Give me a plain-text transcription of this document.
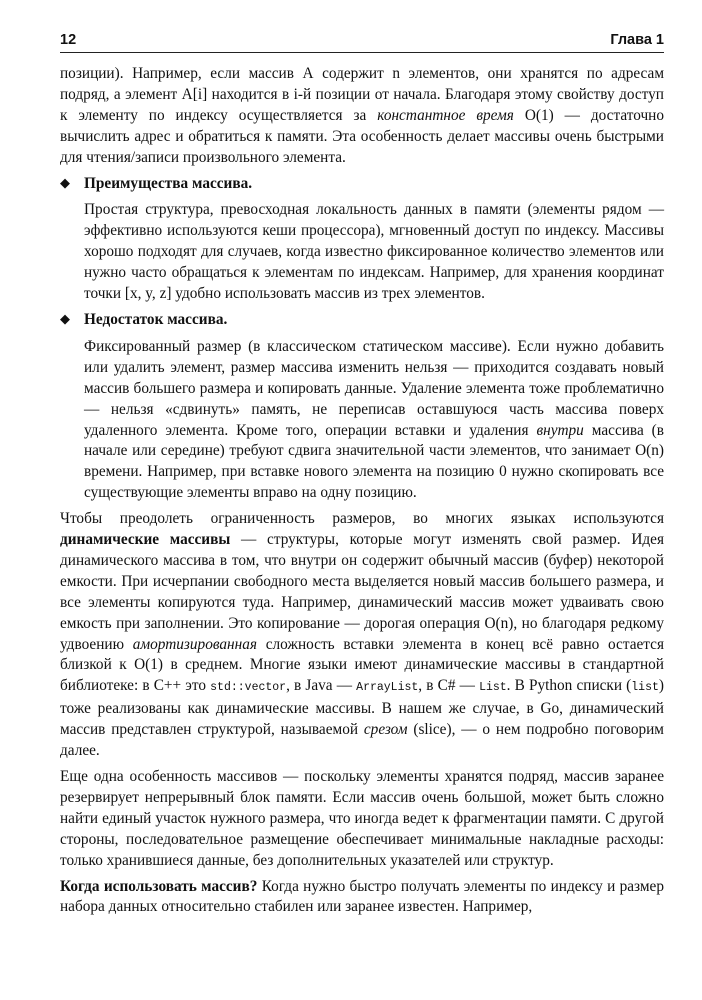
12	Глава 1

позиции). Например, если массив А содержит n элементов, они хранятся по адресам подряд, а элемент A[i] находится в i-й позиции от начала. Благодаря этому свойству доступ к элементу по индексу осуществляется за константное время O(1) — достаточно вычислить адрес и обратиться к памяти. Эта особенность делает массивы очень быстрыми для чтения/записи произвольного элемента.

◆ Преимущества массива.

Простая структура, превосходная локальность данных в памяти (элементы рядом — эффективно используются кеши процессора), мгновенный доступ по индексу. Массивы хорошо подходят для случаев, когда известно фиксированное количество элементов или нужно часто обращаться к элементам по индексам. Например, для хранения координат точки [x, y, z] удобно использовать массив из трех элементов.

◆ Недостаток массива.

Фиксированный размер (в классическом статическом массиве). Если нужно добавить или удалить элемент, размер массива изменить нельзя — приходится создавать новый массив большего размера и копировать данные. Удаление элемента тоже проблематично — нельзя «сдвинуть» память, не переписав оставшуюся часть массива поверх удаленного элемента. Кроме того, операции вставки и удаления внутри массива (в начале или середине) требуют сдвига значительной части элементов, что занимает O(n) времени. Например, при вставке нового элемента на позицию 0 нужно скопировать все существующие элементы вправо на одну позицию.

Чтобы преодолеть ограниченность размеров, во многих языках используются динамические массивы — структуры, которые могут изменять свой размер. Идея динамического массива в том, что внутри он содержит обычный массив (буфер) некоторой емкости. При исчерпании свободного места выделяется новый массив большего размера, и все элементы копируются туда. Например, динамический массив может удваивать свою емкость при заполнении. Это копирование — дорогая операция O(n), но благодаря редкому удвоению амортизированная сложность вставки элемента в конец всё равно остается близкой к O(1) в среднем. Многие языки имеют динамические массивы в стандартной библиотеке: в C++ это std::vector, в Java — ArrayList, в C# — List. В Python списки (list) тоже реализованы как динамические массивы. В нашем же случае, в Go, динамический массив представлен структурой, называемой срезом (slice), — о нем подробно поговорим далее.

Еще одна особенность массивов — поскольку элементы хранятся подряд, массив заранее резервирует непрерывный блок памяти. Если массив очень большой, может быть сложно найти единый участок нужного размера, что иногда ведет к фрагментации памяти. С другой стороны, последовательное размещение обеспечивает минимальные накладные расходы: только хранившиеся данные, без дополнительных указателей или структур.

Когда использовать массив? Когда нужно быстро получать элементы по индексу и размер набора данных относительно стабилен или заранее известен. Например,
